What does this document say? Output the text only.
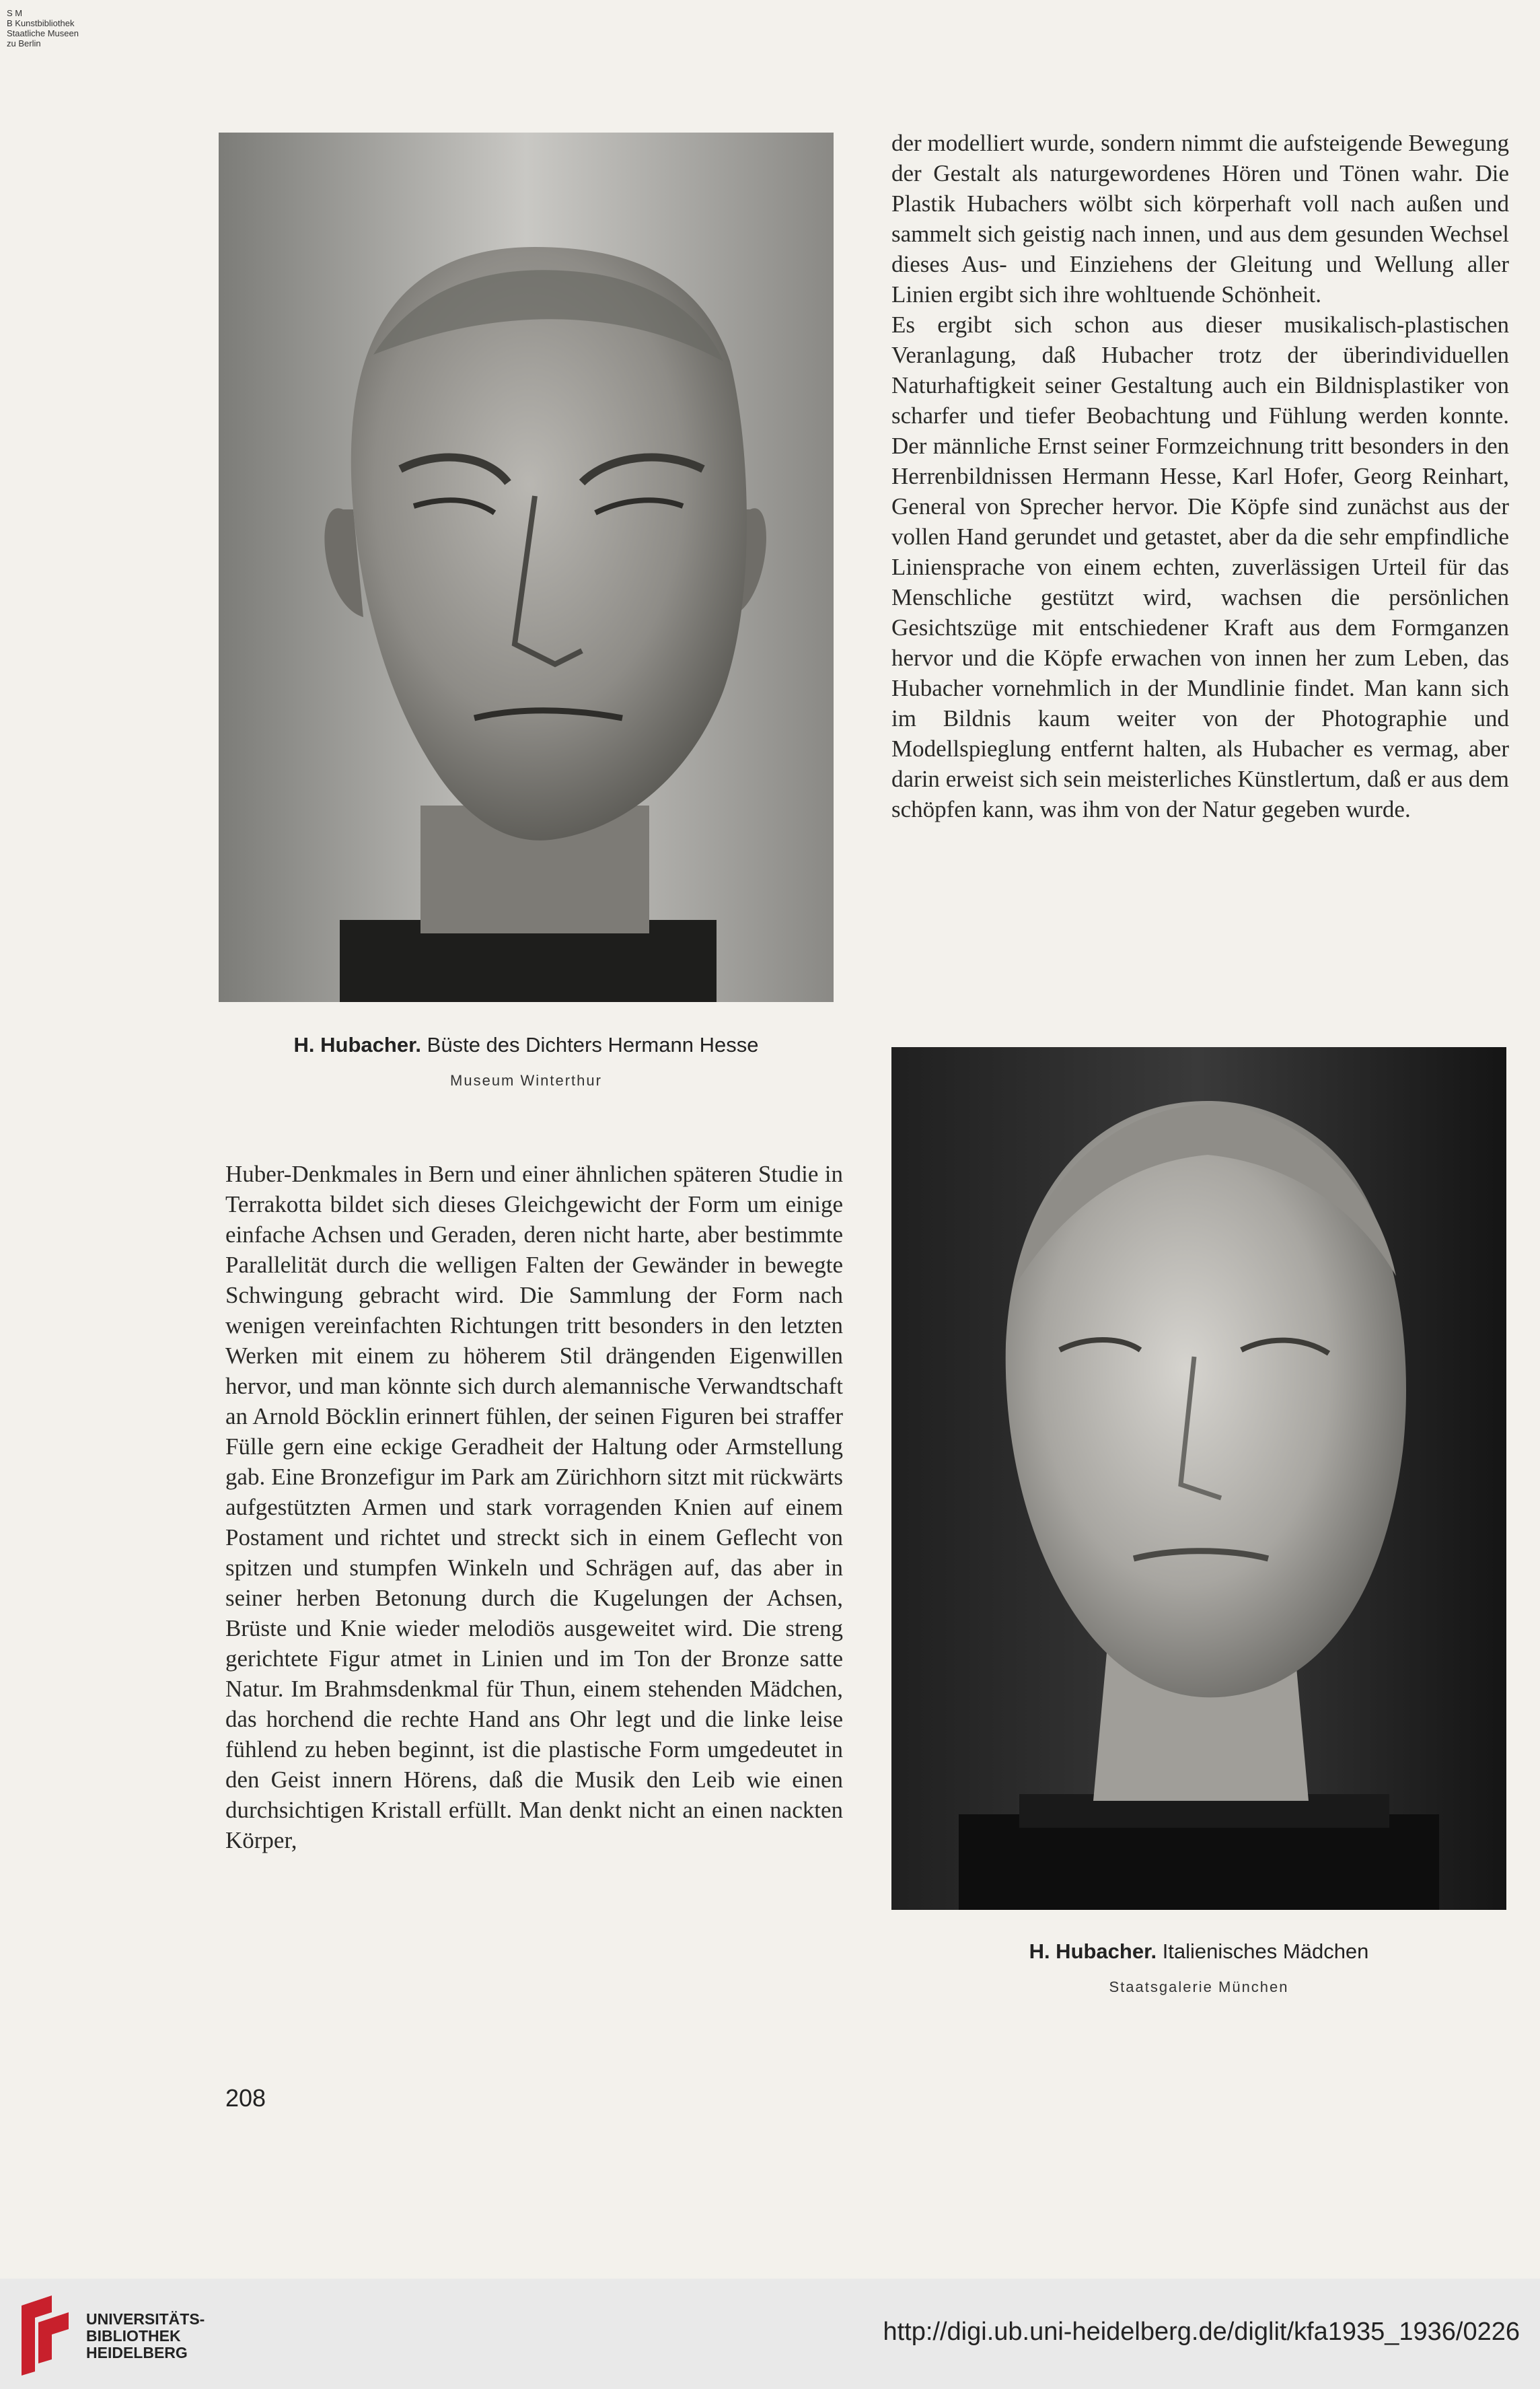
S M
B Kunstbibliothek
Staatliche Museen
zu Berlin
H. Hubacher. Büste des Dichters Hermann Hesse
Museum Winterthur

der modelliert wurde, sondern nimmt die aufsteigende Bewegung der Gestalt als naturgewordenes Hören und Tönen wahr. Die Plastik Hubachers wölbt sich körperhaft voll nach außen und sammelt sich geistig nach innen, und aus dem gesunden Wechsel dieses Aus- und Einziehens der Gleitung und Wellung aller Linien ergibt sich ihre wohltuende Schönheit.

Es ergibt sich schon aus dieser musikalisch-plastischen Veranlagung, daß Hubacher trotz der überindividuellen Naturhaftigkeit seiner Gestaltung auch ein Bildnisplastiker von scharfer und tiefer Beobachtung und Fühlung werden konnte. Der männliche Ernst seiner Formzeichnung tritt besonders in den Herrenbildnissen Hermann Hesse, Karl Hofer, Georg Reinhart, General von Sprecher hervor. Die Köpfe sind zunächst aus der vollen Hand gerundet und getastet, aber da die sehr empfindliche Liniensprache von einem echten, zuverlässigen Urteil für das Menschliche gestützt wird, wachsen die persönlichen Gesichtszüge mit entschiedener Kraft aus dem Formganzen hervor und die Köpfe erwachen von innen her zum Leben, das Hubacher vornehmlich in der Mundlinie findet. Man kann sich im Bildnis kaum weiter von der Photographie und Modellspieglung entfernt halten, als Hubacher es vermag, aber darin erweist sich sein meisterliches Künstlertum, daß er aus dem schöpfen kann, was ihm von der Natur gegeben wurde.

H. Hubacher. Italienisches Mädchen
Staatsgalerie München

Huber-Denkmales in Bern und einer ähnlichen späteren Studie in Terrakotta bildet sich dieses Gleichgewicht der Form um einige einfache Achsen und Geraden, deren nicht harte, aber bestimmte Parallelität durch die welligen Falten der Gewänder in bewegte Schwingung gebracht wird. Die Sammlung der Form nach wenigen vereinfachten Richtungen tritt besonders in den letzten Werken mit einem zu höherem Stil drängenden Eigenwillen hervor, und man könnte sich durch alemannische Verwandtschaft an Arnold Böcklin erinnert fühlen, der seinen Figuren bei straffer Fülle gern eine eckige Geradheit der Haltung oder Armstellung gab. Eine Bronzefigur im Park am Zürichhorn sitzt mit rückwärts aufgestützten Armen und stark vorragenden Knien auf einem Postament und richtet und streckt sich in einem Geflecht von spitzen und stumpfen Winkeln und Schrägen auf, das aber in seiner herben Betonung durch die Kugelungen der Achsen, Brüste und Knie wieder melodiös ausgeweitet wird. Die streng gerichtete Figur atmet in Linien und im Ton der Bronze satte Natur. Im Brahmsdenkmal für Thun, einem stehenden Mädchen, das horchend die rechte Hand ans Ohr legt und die linke leise fühlend zu heben beginnt, ist die plastische Form umgedeutet in den Geist innern Hörens, daß die Musik den Leib wie einen durchsichtigen Kristall erfüllt. Man denkt nicht an einen nackten Körper,

208
UNIVERSITÄTS-
BIBLIOTHEK
HEIDELBERG
http://digi.ub.uni-heidelberg.de/diglit/kfa1935_1936/0226
